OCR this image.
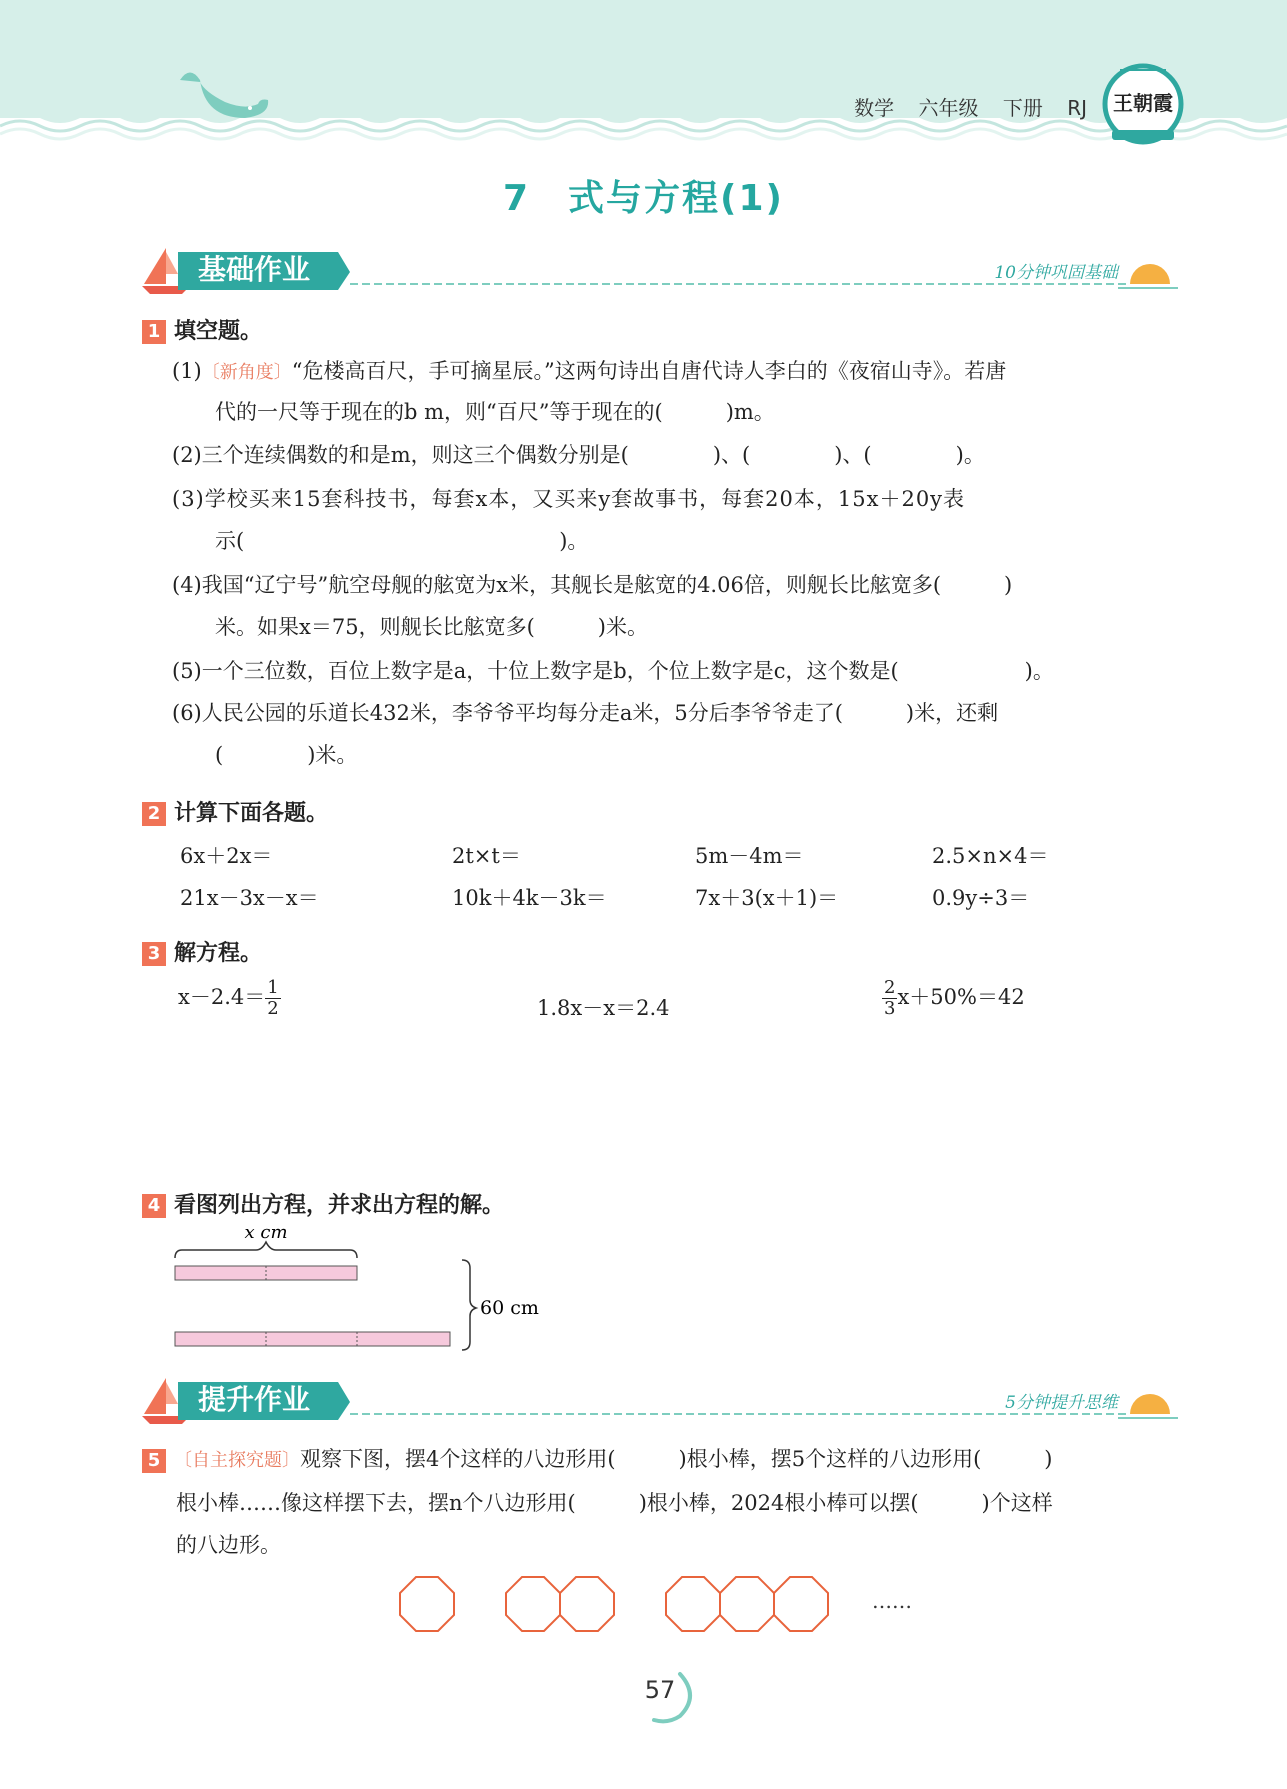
数学 六年级 下册 RJ 王朝霞
7　式与方程(1)
基础作业	10分钟巩固基础
1 填空题。
(1)〔新角度〕“危楼高百尺，手可摘星辰。”这两句诗出自唐代诗人李白的《夜宿山寺》。若唐
代的一尺等于现在的b m，则“百尺”等于现在的(　　　)m。
(2)三个连续偶数的和是m，则这三个偶数分别是(　　　　)、(　　　　)、(　　　　)。
(3)学校买来15套科技书，每套x本，又买来y套故事书，每套20本，15x＋20y表
示(　　　　　　　　　　　　　　　)。
(4)我国“辽宁号”航空母舰的舷宽为x米，其舰长是舷宽的4.06倍，则舰长比舷宽多(　　　)
米。如果x＝75，则舰长比舷宽多(　　　)米。
(5)一个三位数，百位上数字是a，十位上数字是b，个位上数字是c，这个数是(　　　　　　)。
(6)人民公园的乐道长432米，李爷爷平均每分走a米，5分后李爷爷走了(　　　)米，还剩
(　　　　)米。
2 计算下面各题。
6x＋2x＝	2t×t＝	5m－4m＝	2.5×n×4＝
21x－3x－x＝	10k＋4k－3k＝	7x＋3(x＋1)＝	0.9y÷3＝
3 解方程。
$x-2.4= \frac{1}{2}$	1.8x－x＝2.4	$\frac{2}{3} x+50\%=42$
4 看图列出方程，并求出方程的解。
x cm
60 cm
提升作业	5分钟提升思维
5 〔自主探究题〕观察下图，摆4个这样的八边形用(　　　)根小棒，摆5个这样的八边形用(　　　)
根小棒……像这样摆下去，摆n个八边形用(　　　)根小棒，2024根小棒可以摆(　　　)个这样
的八边形。
……
57
